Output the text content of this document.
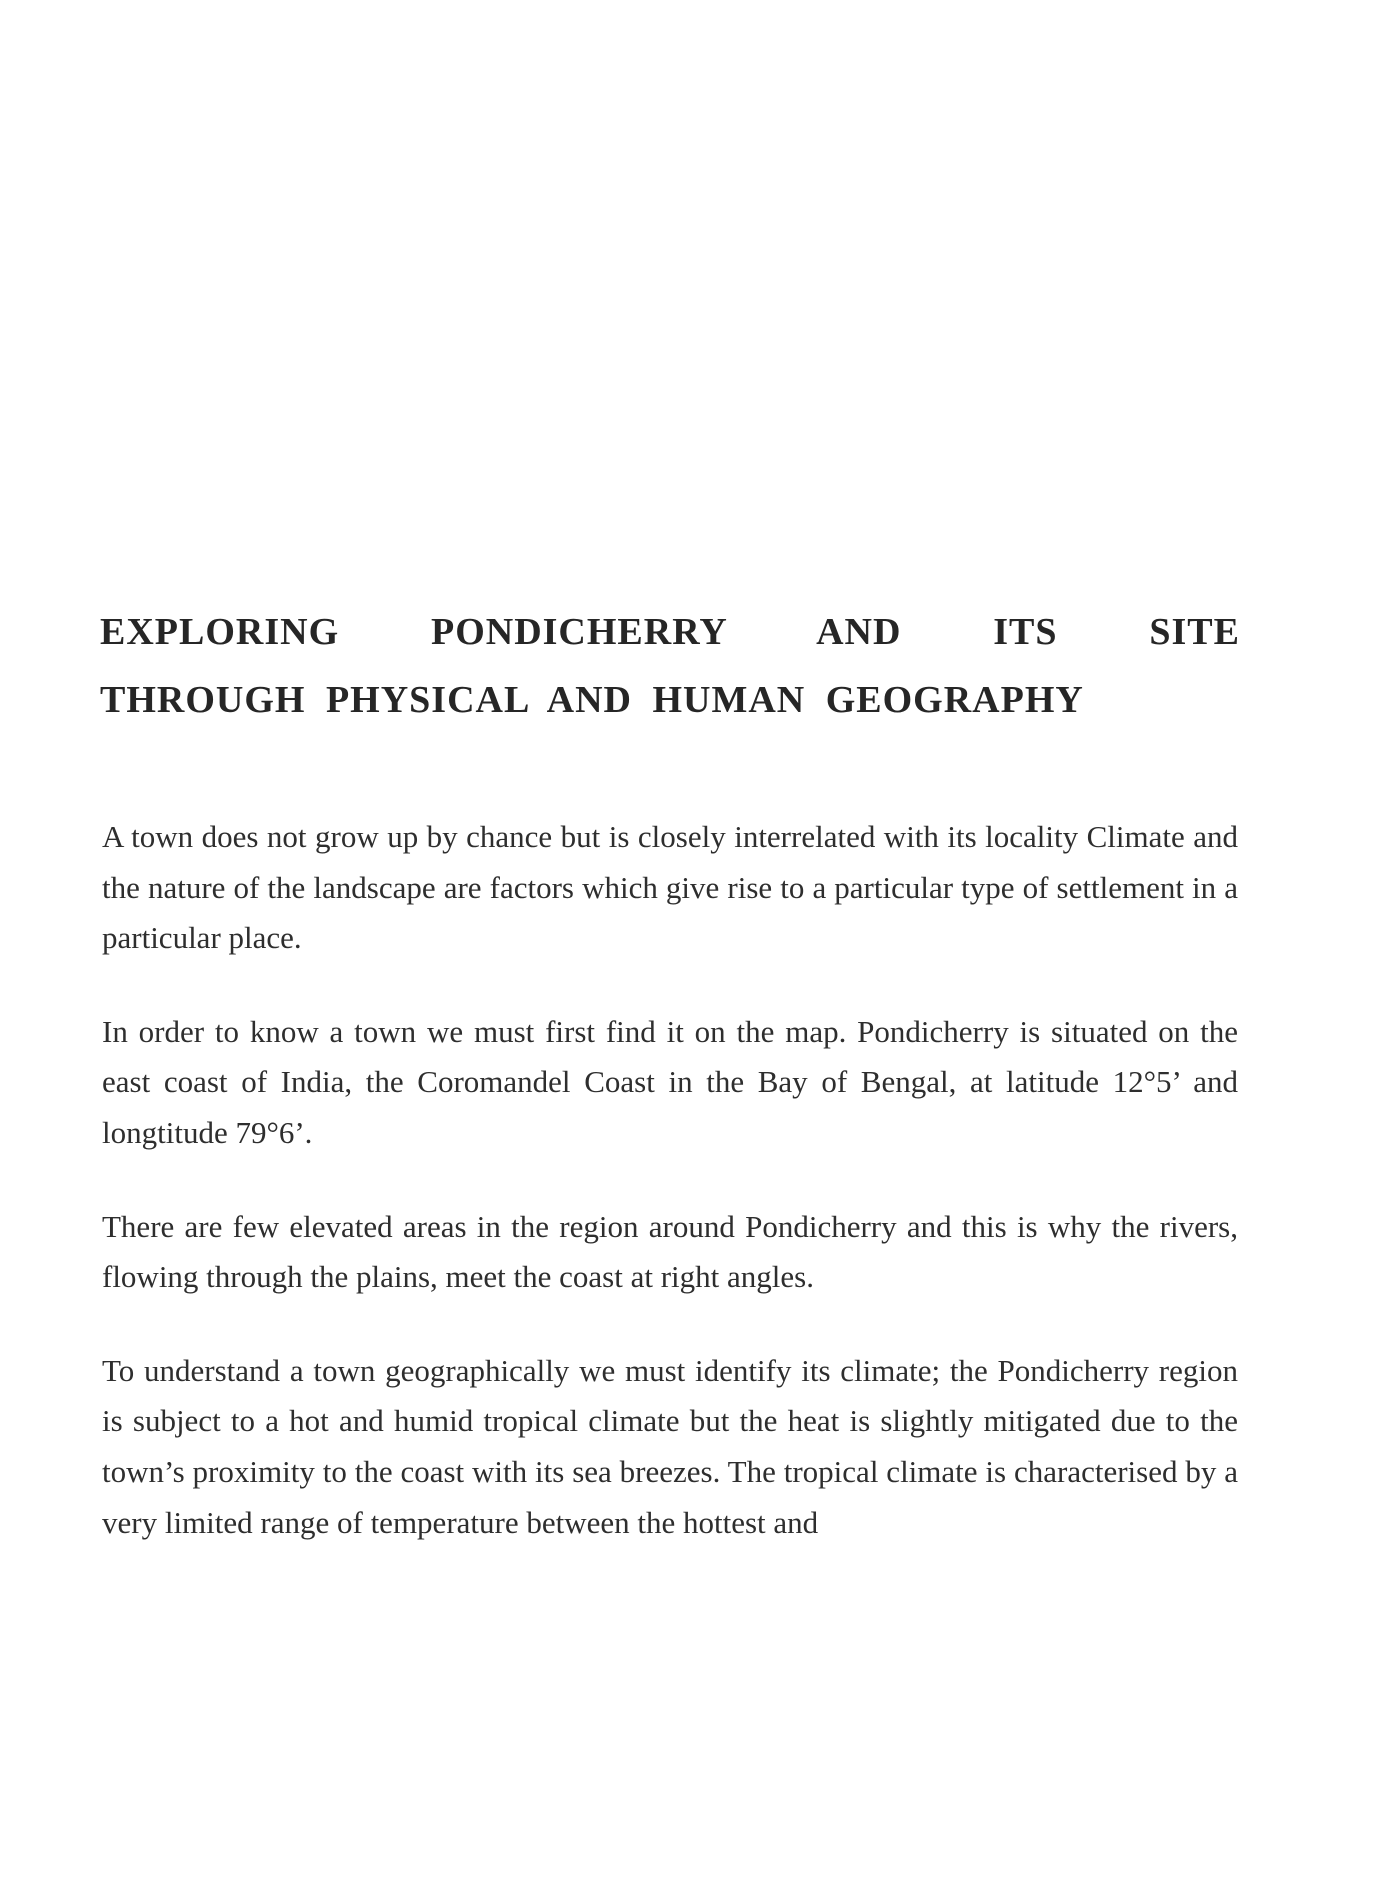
EXPLORING PONDICHERRY AND ITS SITE
THROUGH PHYSICAL AND HUMAN GEOGRAPHY

A town does not grow up by chance but is closely interrelated with its locality Climate and the nature of the landscape are factors which give rise to a particular type of settlement in a particular place.

In order to know a town we must first find it on the map. Pondicherry is situated on the east coast of India, the Coromandel Coast in the Bay of Bengal, at latitude 12°5’ and longtitude 79°6’.

There are few elevated areas in the region around Pondicherry and this is why the rivers, flowing through the plains, meet the coast at right angles.

To understand a town geographically we must identify its climate; the Pondicherry region is subject to a hot and humid tropical climate but the heat is slightly mitigated due to the town’s proximity to the coast with its sea breezes. The tropical climate is characterised by a very limited range of temperature between the hottest and
